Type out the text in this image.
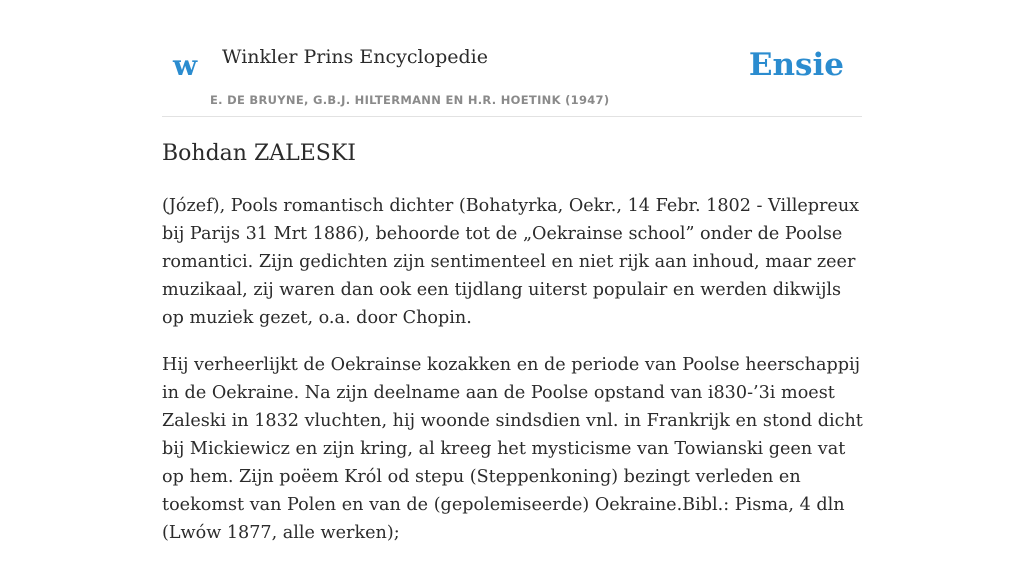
w Winkler Prins Encyclopedie
E. DE BRUYNE, G.B.J. HILTERMANN EN H.R. HOETINK (1947)
Ensie
Bohdan ZALESKI

(Józef), Pools romantisch dichter (Bohatyrka, Oekr., 14 Febr. 1802 - Villepreux bij Parijs 31 Mrt 1886), behoorde tot de „Oekrainse school” onder de Poolse romantici. Zijn gedichten zijn sentimenteel en niet rijk aan inhoud, maar zeer muzikaal, zij waren dan ook een tijdlang uiterst populair en werden dikwijls op muziek gezet, o.a. door Chopin.

Hij verheerlijkt de Oekrainse kozakken en de periode van Poolse heerschappij in de Oekraine. Na zijn deelname aan de Poolse opstand van i830-’3i moest Zaleski in 1832 vluchten, hij woonde sindsdien vnl. in Frankrijk en stond dicht bij Mickiewicz en zijn kring, al kreeg het mysticisme van Towianski geen vat op hem. Zijn poëem Król od stepu (Steppenkoning) bezingt verleden en toekomst van Polen en van de (gepolemiseerde) Oekraine.Bibl.: Pisma, 4 dln (Lwów 1877, alle werken);
